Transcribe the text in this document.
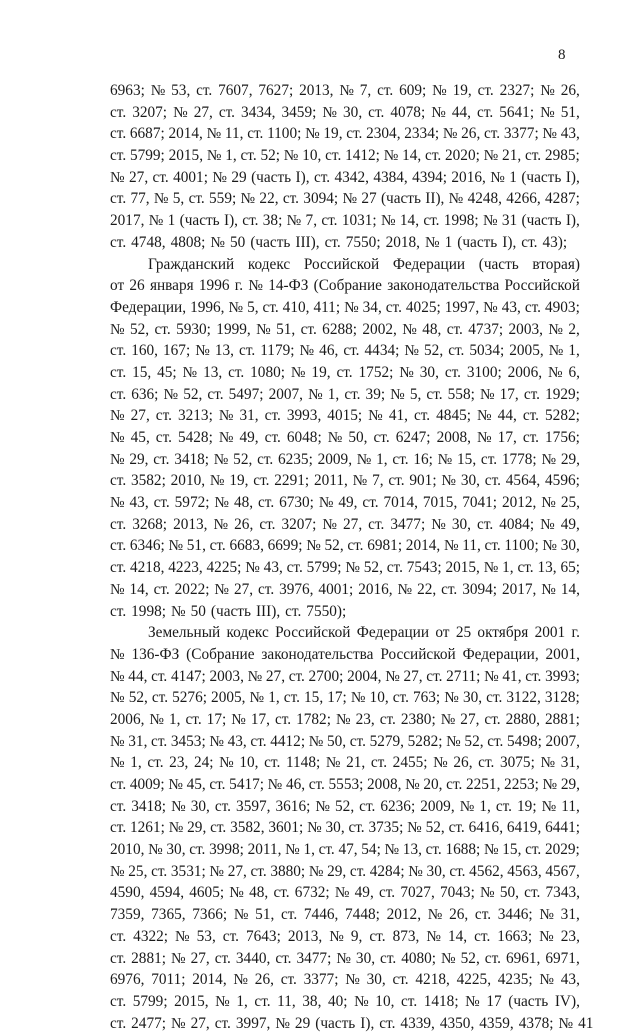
8
6963; № 53, ст. 7607, 7627; 2013, № 7, ст. 609; № 19, ст. 2327; № 26,
ст. 3207; № 27, ст. 3434, 3459; № 30, ст. 4078; № 44, ст. 5641; № 51,
ст. 6687; 2014, № 11, ст. 1100; № 19, ст. 2304, 2334; № 26, ст. 3377; № 43,
ст. 5799; 2015, № 1, ст. 52; № 10, ст. 1412; № 14, ст. 2020; № 21, ст. 2985;
№ 27, ст. 4001; № 29 (часть I), ст. 4342, 4384, 4394; 2016, № 1 (часть I),
ст. 77, № 5, ст. 559; № 22, ст. 3094; № 27 (часть II), № 4248, 4266, 4287;
2017, № 1 (часть I), ст. 38; № 7, ст. 1031; № 14, ст. 1998; № 31 (часть I),
ст. 4748, 4808; № 50 (часть III), ст. 7550; 2018, № 1 (часть I), ст. 43);
Гражданский кодекс Российской Федерации (часть вторая)
от 26 января 1996 г. № 14-ФЗ (Собрание законодательства Российской
Федерации, 1996, № 5, ст. 410, 411; № 34, ст. 4025; 1997, № 43, ст. 4903;
№ 52, ст. 5930; 1999, № 51, ст. 6288; 2002, № 48, ст. 4737; 2003, № 2,
ст. 160, 167; № 13, ст. 1179; № 46, ст. 4434; № 52, ст. 5034; 2005, № 1,
ст. 15, 45; № 13, ст. 1080; № 19, ст. 1752; № 30, ст. 3100; 2006, № 6,
ст. 636; № 52, ст. 5497; 2007, № 1, ст. 39; № 5, ст. 558; № 17, ст. 1929;
№ 27, ст. 3213; № 31, ст. 3993, 4015; № 41, ст. 4845; № 44, ст. 5282;
№ 45, ст. 5428; № 49, ст. 6048; № 50, ст. 6247; 2008, № 17, ст. 1756;
№ 29, ст. 3418; № 52, ст. 6235; 2009, № 1, ст. 16; № 15, ст. 1778; № 29,
ст. 3582; 2010, № 19, ст. 2291; 2011, № 7, ст. 901; № 30, ст. 4564, 4596;
№ 43, ст. 5972; № 48, ст. 6730; № 49, ст. 7014, 7015, 7041; 2012, № 25,
ст. 3268; 2013, № 26, ст. 3207; № 27, ст. 3477; № 30, ст. 4084; № 49,
ст. 6346; № 51, ст. 6683, 6699; № 52, ст. 6981; 2014, № 11, ст. 1100; № 30,
ст. 4218, 4223, 4225; № 43, ст. 5799; № 52, ст. 7543; 2015, № 1, ст. 13, 65;
№ 14, ст. 2022; № 27, ст. 3976, 4001; 2016, № 22, ст. 3094; 2017, № 14,
ст. 1998; № 50 (часть III), ст. 7550);
Земельный кодекс Российской Федерации от 25 октября 2001 г.
№ 136-ФЗ (Собрание законодательства Российской Федерации, 2001,
№ 44, ст. 4147; 2003, № 27, ст. 2700; 2004, № 27, ст. 2711; № 41, ст. 3993;
№ 52, ст. 5276; 2005, № 1, ст. 15, 17; № 10, ст. 763; № 30, ст. 3122, 3128;
2006, № 1, ст. 17; № 17, ст. 1782; № 23, ст. 2380; № 27, ст. 2880, 2881;
№ 31, ст. 3453; № 43, ст. 4412; № 50, ст. 5279, 5282; № 52, ст. 5498; 2007,
№ 1, ст. 23, 24; № 10, ст. 1148; № 21, ст. 2455; № 26, ст. 3075; № 31,
ст. 4009; № 45, ст. 5417; № 46, ст. 5553; 2008, № 20, ст. 2251, 2253; № 29,
ст. 3418; № 30, ст. 3597, 3616; № 52, ст. 6236; 2009, № 1, ст. 19; № 11,
ст. 1261; № 29, ст. 3582, 3601; № 30, ст. 3735; № 52, ст. 6416, 6419, 6441;
2010, № 30, ст. 3998; 2011, № 1, ст. 47, 54; № 13, ст. 1688; № 15, ст. 2029;
№ 25, ст. 3531; № 27, ст. 3880; № 29, ст. 4284; № 30, ст. 4562, 4563, 4567,
4590, 4594, 4605; № 48, ст. 6732; № 49, ст. 7027, 7043; № 50, ст. 7343,
7359, 7365, 7366; № 51, ст. 7446, 7448; 2012, № 26, ст. 3446; № 31,
ст. 4322; № 53, ст. 7643; 2013, № 9, ст. 873, № 14, ст. 1663; № 23,
ст. 2881; № 27, ст. 3440, ст. 3477; № 30, ст. 4080; № 52, ст. 6961, 6971,
6976, 7011; 2014, № 26, ст. 3377; № 30, ст. 4218, 4225, 4235; № 43,
ст. 5799; 2015, № 1, ст. 11, 38, 40; № 10, ст. 1418; № 17 (часть IV),
ст. 2477; № 27, ст. 3997, № 29 (часть I), ст. 4339, 4350, 4359, 4378; № 41
